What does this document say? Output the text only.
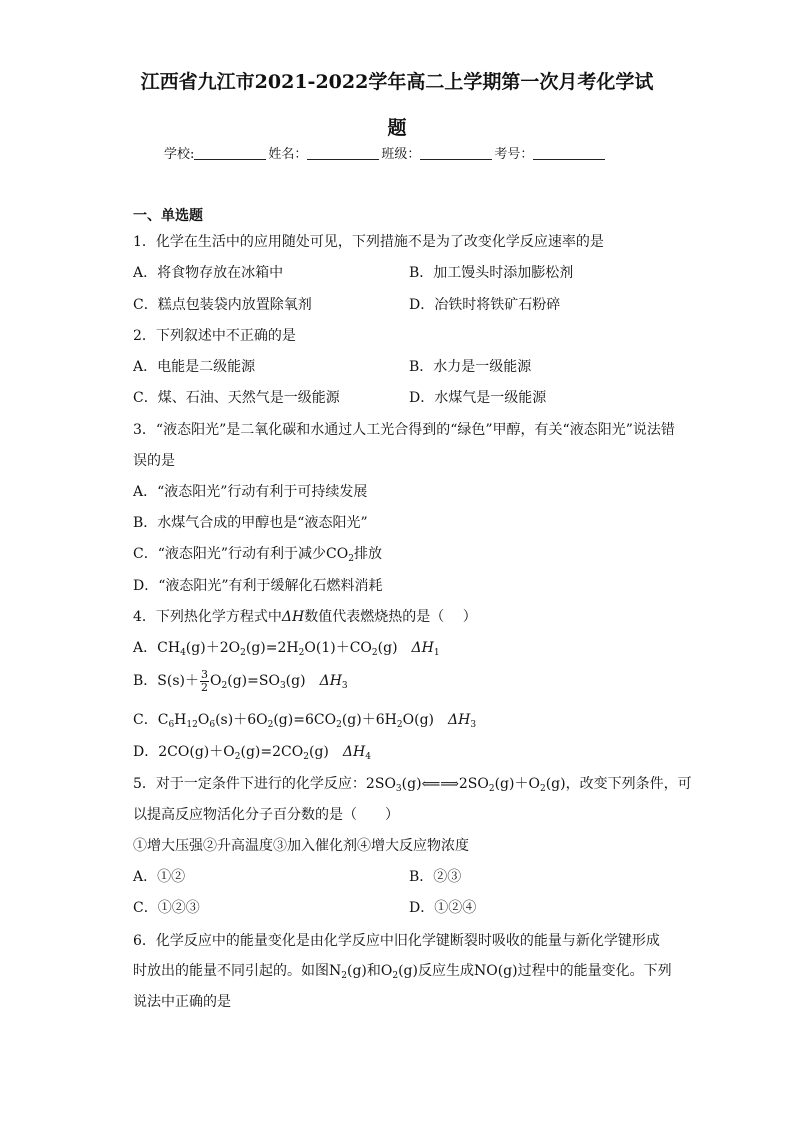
江西省九江市2021-2022学年高二上学期第一次月考化学试
题
学校:	姓名：	班级：	考号：
一、单选题
1．化学在生活中的应用随处可见，下列措施不是为了改变化学反应速率的是
A．将食物存放在冰箱中	B．加工馒头时添加膨松剂
C．糕点包装袋内放置除氧剂	D．冶铁时将铁矿石粉碎
2．下列叙述中不正确的是
A．电能是二级能源	B．水力是一级能源
C．煤、石油、天然气是一级能源	D．水煤气是一级能源
3．“液态阳光”是二氧化碳和水通过人工光合得到的“绿色”甲醇，有关“液态阳光”说法错
误的是
A．“液态阳光”行动有利于可持续发展
B．水煤气合成的甲醇也是“液态阳光”
C．“液态阳光”行动有利于减少$CO_2$排放
D．“液态阳光”有利于缓解化石燃料消耗
4．下列热化学方程式中ΔH数值代表燃烧热的是（　 ）
A．$CH_4(g)+2O_2(g)=2H_2O(1)+CO_2(g)$ $\Delta H_1$
B．$S(s)+ \frac{3}{2} O_2(g)=SO_3(g)$ $\Delta H_3$
C．$C_6H_{12}O_6(s)+6O_2(g)=6CO_2(g)+6H_2O(g)$ $\Delta H_3$
D．$2CO(g)+O_2(g)=2CO_2(g)$ $\Delta H_4$
5．对于一定条件下进行的化学反应：$2SO_3(g)⟸⟹2SO_2(g)+O_2(g)$，改变下列条件，可
以提高反应物活化分子百分数的是（　　）
①增大压强②升高温度③加入催化剂④增大反应物浓度
A．①②	B．②③
C．①②③	D．①②④
6．化学反应中的能量变化是由化学反应中旧化学键断裂时吸收的能量与新化学键形成
时放出的能量不同引起的。如图$N_2(g)$和$O_2(g)$反应生成NO(g)过程中的能量变化。下列
说法中正确的是
